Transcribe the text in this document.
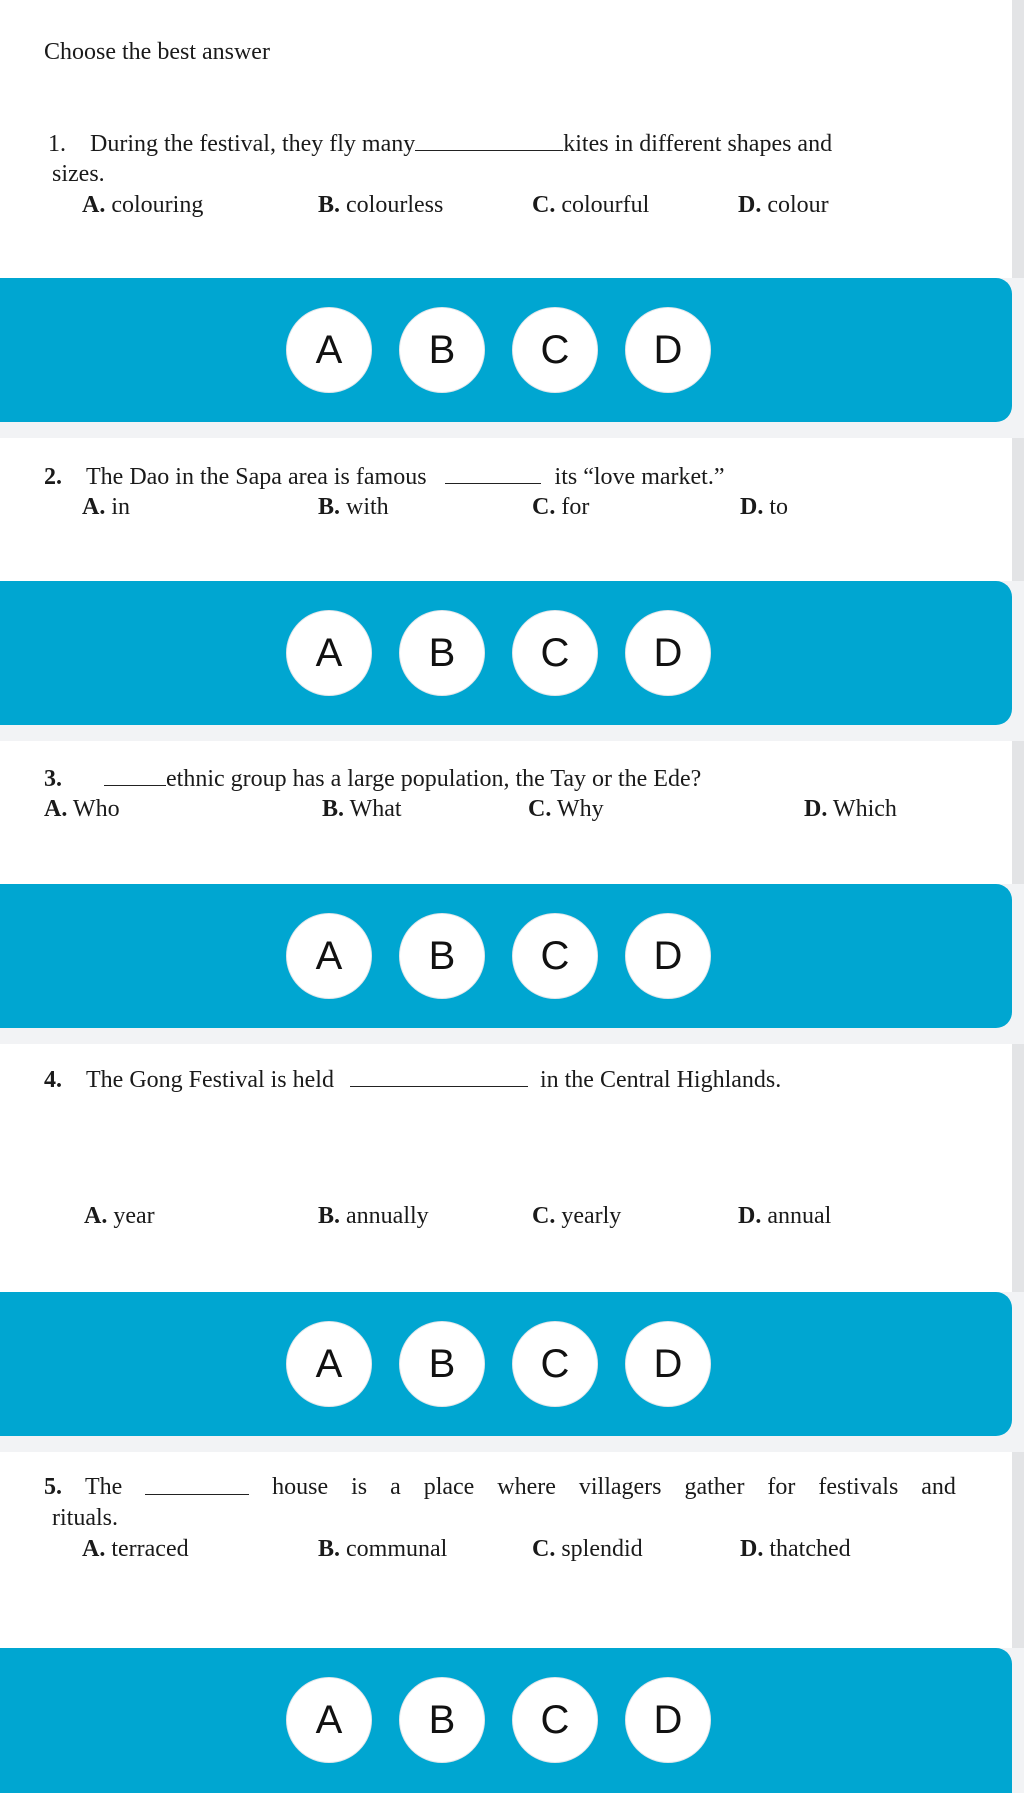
Choose the best answer
1. During the festival, they fly many	kites in different shapes and
sizes.
A. colouring	B. colourless	C. colourful	D. colour
A	B	C	D
2. The Dao in the Sapa area is famous	its “love market.”
A. in	B. with	C. for	D. to
A	B	C	D
3.	ethnic group has a large population, the Tay or the Ede?
A. Who	B. What	C. Why	D. Which
A	B	C	D
4. The Gong Festival is held	in the Central Highlands.
A. year	B. annually	C. yearly	D. annual
A	B	C	D
5. The	house is a place where villagers gather for festivals and
rituals.
A. terraced	B. communal	C. splendid	D. thatched
A	B	C	D
